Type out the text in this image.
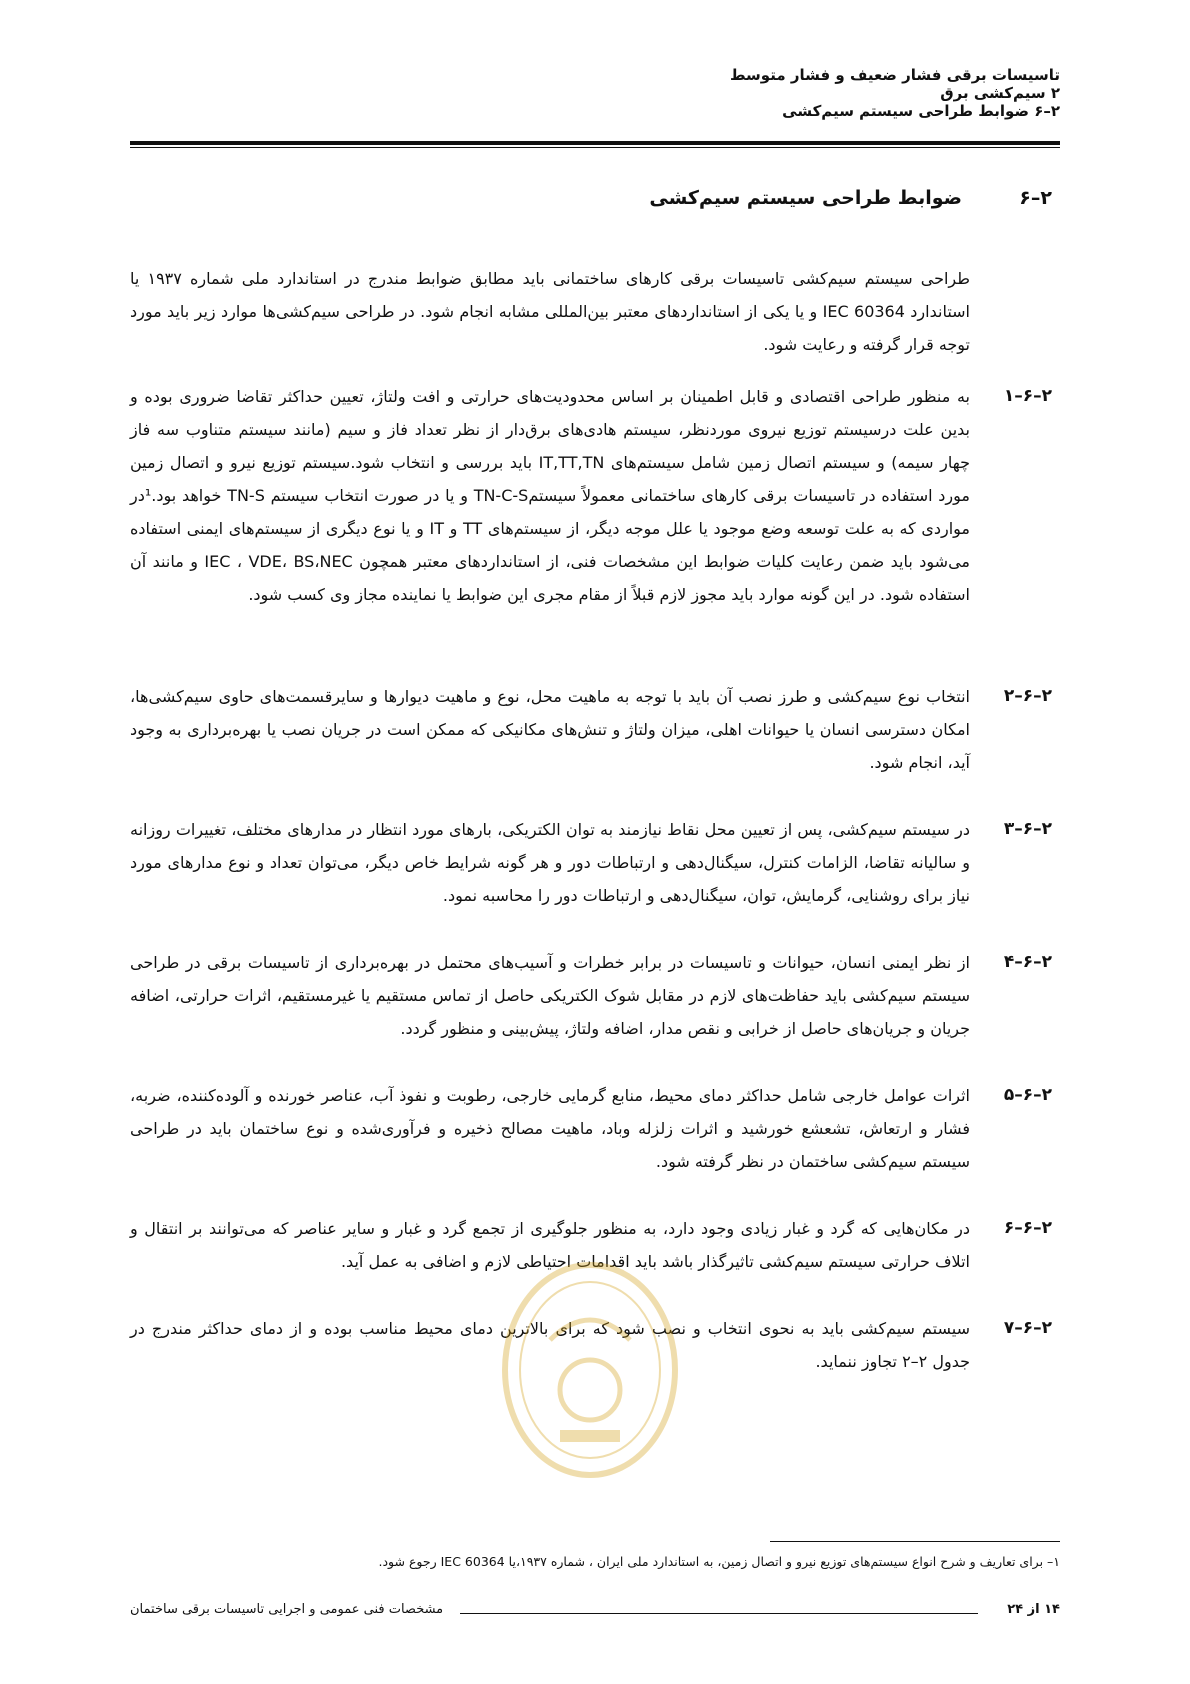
تاسیسات برقی فشار ضعیف و فشار متوسط
۲ سیم‌کشی برق
۲–۶ ضوابط طراحی سیستم سیم‌کشی
۲–۶
ضوابط طراحی سیستم سیم‌کشی
طراحی سیستم سیم‌کشی تاسیسات برقی کارهای ساختمانی باید مطابق ضوابط مندرج در استاندارد ملی شماره ۱۹۳۷ یا استاندارد IEC 60364 و یا یکی از استانداردهای معتبر بین‌المللی مشابه انجام شود. در طراحی سیم‌کشی‌ها موارد زیر باید مورد توجه قرار گرفته و رعایت شود.
۲–۶–۱

به منظور طراحی اقتصادی و قابل اطمینان بر اساس محدودیت‌های حرارتی و افت ولتاژ، تعیین حداکثر تقاضا ضروری بوده و بدین علت درسیستم توزیع نیروی موردنظر، سیستم هادی‌های برق‌دار از نظر تعداد فاز و سیم (مانند سیستم متناوب سه فاز چهار سیمه) و سیستم اتصال زمین شامل سیستم‌های IT,TT,TN باید بررسی و انتخاب شود.سیستم توزیع نیرو و اتصال زمین مورد استفاده در تاسیسات برقی کارهای ساختمانی معمولاً سیستمTN-C-S و یا در صورت انتخاب سیستم TN-S خواهد بود.¹در مواردی که به علت توسعه وضع موجود یا علل موجه دیگر، از سیستم‌های TT و IT و یا نوع دیگری از سیستم‌های ایمنی استفاده می‌شود باید ضمن رعایت کلیات ضوابط این مشخصات فنی، از استانداردهای معتبر همچون IEC ، VDE، BS،NEC و مانند آن استفاده شود. در این گونه موارد باید مجوز لازم قبلاً از مقام مجری این ضوابط یا نماینده مجاز وی کسب شود.

۲–۶–۲

انتخاب نوع سیم‌کشی و طرز نصب آن باید با توجه به ماهیت محل، نوع و ماهیت دیوارها و سایرقسمت‌های حاوی سیم‌کشی‌ها، امکان دسترسی انسان یا حیوانات اهلی، میزان ولتاژ و تنش‌های مکانیکی که ممکن است در جریان نصب یا بهره‌برداری به وجود آید، انجام شود.

۲–۶–۳

در سیستم سیم‌کشی، پس از تعیین محل نقاط نیازمند به توان الکتریکی، بارهای مورد انتظار در مدارهای مختلف، تغییرات روزانه و سالیانه تقاضا، الزامات کنترل، سیگنال‌دهی و ارتباطات دور و هر گونه شرایط خاص دیگر، می‌توان تعداد و نوع مدارهای مورد نیاز برای روشنایی، گرمایش، توان، سیگنال‌دهی و ارتباطات دور را محاسبه نمود.

۲–۶–۴

از نظر ایمنی انسان، حیوانات و تاسیسات در برابر خطرات و آسیب‌های محتمل در بهره‌برداری از تاسیسات برقی در طراحی سیستم سیم‌کشی باید حفاظت‌های لازم در مقابل شوک الکتریکی حاصل از تماس مستقیم یا غیرمستقیم، اثرات حرارتی، اضافه جریان و جریان‌های حاصل از خرابی و نقص مدار، اضافه ولتاژ، پیش‌بینی و منظور گردد.

۲–۶–۵

اثرات عوامل خارجی شامل حداکثر دمای محیط، منابع گرمایی خارجی، رطوبت و نفوذ آب، عناصر خورنده و آلوده‌کننده، ضربه، فشار و ارتعاش، تشعشع خورشید و اثرات زلزله وباد، ماهیت مصالح ذخیره و فرآوری‌شده و نوع ساختمان باید در طراحی سیستم سیم‌کشی ساختمان در نظر گرفته شود.

۲–۶–۶

در مکان‌هایی که گرد و غبار زیادی وجود دارد، به منظور جلوگیری از تجمع گرد و غبار و سایر عناصر که می‌توانند بر انتقال و اتلاف حرارتی سیستم سیم‌کشی تاثیرگذار باشد باید اقدامات احتیاطی لازم و اضافی به عمل آید.

۲–۶–۷

سیستم سیم‌کشی باید به نحوی انتخاب و نصب شود که برای بالاترین دمای محیط مناسب بوده و از دمای حداکثر مندرج در جدول ۲–۲ تجاوز ننماید.

۱– برای تعاریف و شرح انواع سیستم‌های توزیع نیرو و اتصال زمین، به استاندارد ملی ایران ، شماره ۱۹۳۷،یا IEC 60364 رجوع شود.
۱۴ از ۲۴
مشخصات فنی عمومی و اجرایی تاسیسات برقی ساختمان
